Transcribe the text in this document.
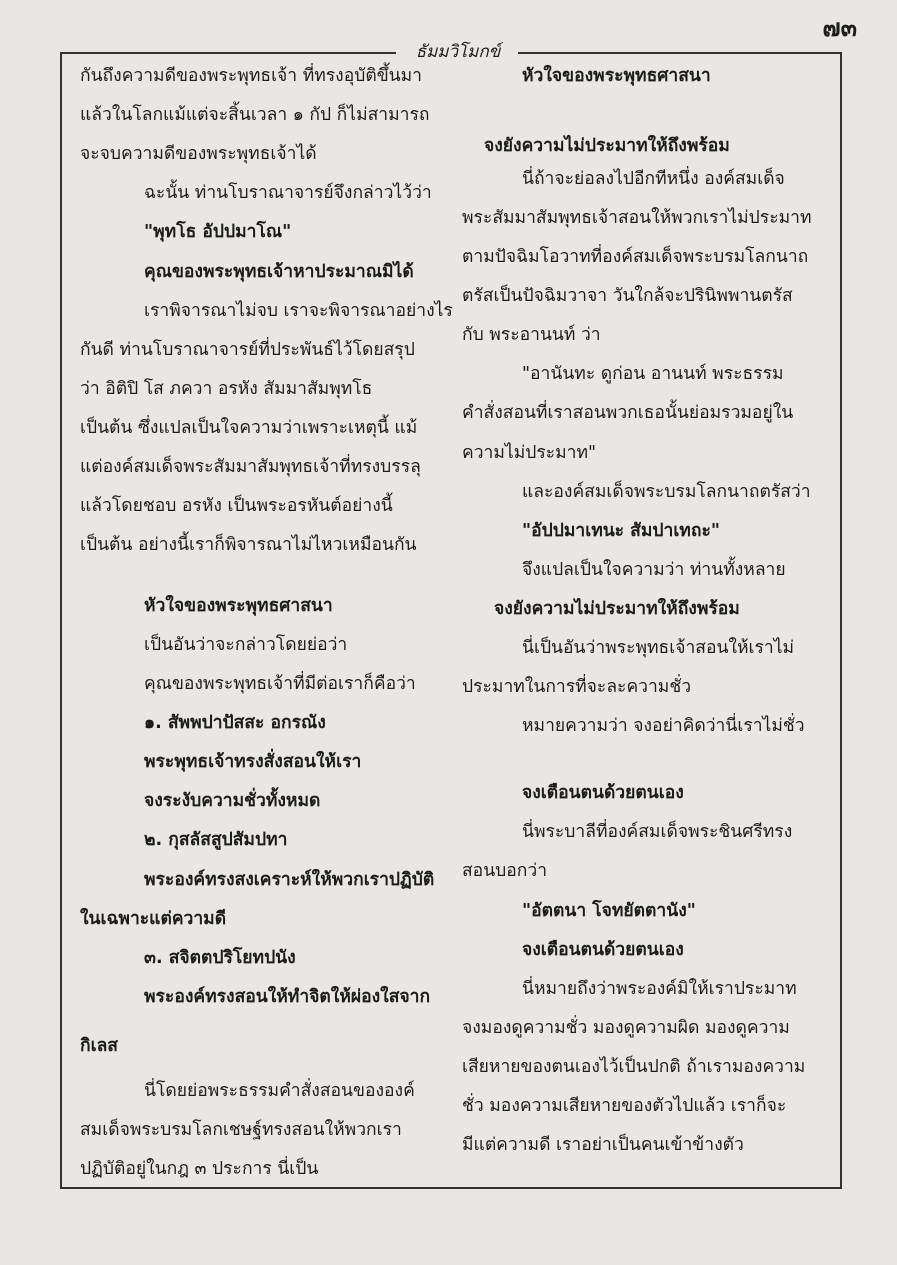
๗๓
ธัมมวิโมกข์
กันถึงความดีของพระพุทธเจ้า ที่ทรงอุบัติขึ้นมา
แล้วในโลกแม้แต่จะสิ้นเวลา ๑ กัป ก็ไม่สามารถ
จะจบความดีของพระพุทธเจ้าได้
ฉะนั้น ท่านโบราณาจารย์จึงกล่าวไว้ว่า
"พุทโธ อัปปมาโณ"
คุณของพระพุทธเจ้าหาประมาณมิได้
เราพิจารณาไม่จบ เราจะพิจารณาอย่างไร
กันดี ท่านโบราณาจารย์ที่ประพันธ์ไว้โดยสรุป
ว่า อิติปิ โส ภควา อรหัง สัมมาสัมพุทโธ
เป็นต้น ซึ่งแปลเป็นใจความว่าเพราะเหตุนี้ แม้
แต่องค์สมเด็จพระสัมมาสัมพุทธเจ้าที่ทรงบรรลุ
แล้วโดยชอบ อรหัง เป็นพระอรหันต์อย่างนี้
เป็นต้น อย่างนี้เราก็พิจารณาไม่ไหวเหมือนกัน
หัวใจของพระพุทธศาสนา
เป็นอันว่าจะกล่าวโดยย่อว่า
คุณของพระพุทธเจ้าที่มีต่อเราก็คือว่า
๑. สัพพปาปัสสะ อกรณัง
พระพุทธเจ้าทรงสั่งสอนให้เรา
จงระงับความชั่วทั้งหมด
๒. กุสลัสสูปสัมปทา
พระองค์ทรงสงเคราะห์ให้พวกเราปฏิบัติ
ในเฉพาะแต่ความดี
๓. สจิตตปริโยทปนัง
พระองค์ทรงสอนให้ทำจิตให้ผ่องใสจาก
กิเลส
นี่โดยย่อพระธรรมคำสั่งสอนขององค์
สมเด็จพระบรมโลกเชษฐ์ทรงสอนให้พวกเรา
ปฏิบัติอยู่ในกฎ ๓ ประการ นี่เป็น
หัวใจของพระพุทธศาสนา
จงยังความไม่ประมาทให้ถึงพร้อม
นี่ถ้าจะย่อลงไปอีกทีหนึ่ง องค์สมเด็จ
พระสัมมาสัมพุทธเจ้าสอนให้พวกเราไม่ประมาท
ตามปัจฉิมโอวาทที่องค์สมเด็จพระบรมโลกนาถ
ตรัสเป็นปัจฉิมวาจา วันใกล้จะปรินิพพานตรัส
กับ พระอานนท์ ว่า
"อานันทะ ดูก่อน อานนท์ พระธรรม
คำสั่งสอนที่เราสอนพวกเธอนั้นย่อมรวมอยู่ใน
ความไม่ประมาท"
และองค์สมเด็จพระบรมโลกนาถตรัสว่า
"อัปปมาเทนะ สัมปาเทถะ"
จึงแปลเป็นใจความว่า ท่านทั้งหลาย
จงยังความไม่ประมาทให้ถึงพร้อม
นี่เป็นอันว่าพระพุทธเจ้าสอนให้เราไม่
ประมาทในการที่จะละความชั่ว
หมายความว่า จงอย่าคิดว่านี่เราไม่ชั่ว
จงเตือนตนด้วยตนเอง
นี่พระบาลีที่องค์สมเด็จพระชินศรีทรง
สอนบอกว่า
"อัตตนา โจทยัตตานัง"
จงเตือนตนด้วยตนเอง
นี่หมายถึงว่าพระองค์มิให้เราประมาท
จงมองดูความชั่ว มองดูความผิด มองดูความ
เสียหายของตนเองไว้เป็นปกติ ถ้าเรามองความ
ชั่ว มองความเสียหายของตัวไปแล้ว เราก็จะ
มีแต่ความดี เราอย่าเป็นคนเข้าข้างตัว
